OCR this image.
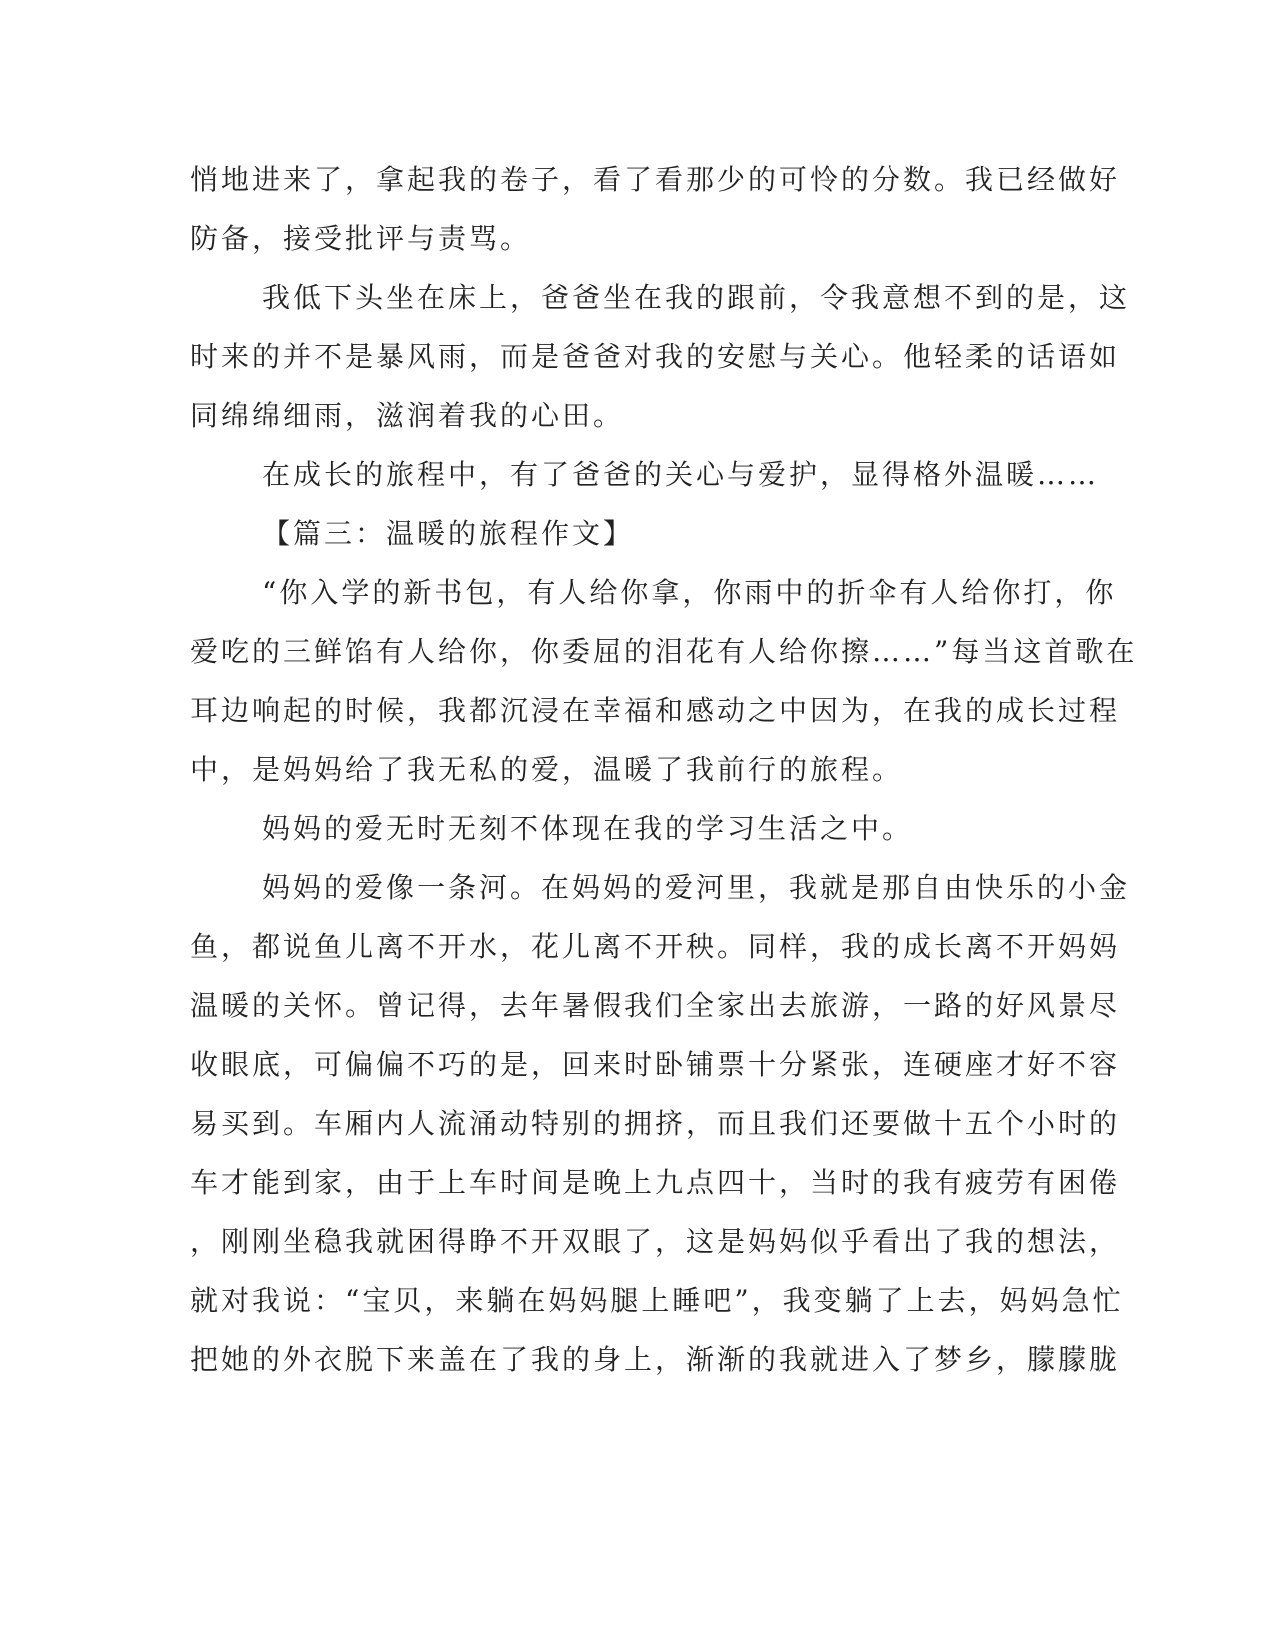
悄地进来了，拿起我的卷子，看了看那少的可怜的分数。我已经做好
防备，接受批评与责骂。
我低下头坐在床上，爸爸坐在我的跟前，令我意想不到的是，这
时来的并不是暴风雨，而是爸爸对我的安慰与关心。他轻柔的话语如
同绵绵细雨，滋润着我的心田。
在成长的旅程中，有了爸爸的关心与爱护，显得格外温暖……
【篇三：温暖的旅程作文】
“你入学的新书包，有人给你拿，你雨中的折伞有人给你打，你
爱吃的三鲜馅有人给你，你委屈的泪花有人给你擦……”每当这首歌在
耳边响起的时候，我都沉浸在幸福和感动之中因为，在我的成长过程
中，是妈妈给了我无私的爱，温暖了我前行的旅程。
妈妈的爱无时无刻不体现在我的学习生活之中。
妈妈的爱像一条河。在妈妈的爱河里，我就是那自由快乐的小金
鱼，都说鱼儿离不开水，花儿离不开秧。同样，我的成长离不开妈妈
温暖的关怀。曾记得，去年暑假我们全家出去旅游，一路的好风景尽
收眼底，可偏偏不巧的是，回来时卧铺票十分紧张，连硬座才好不容
易买到。车厢内人流涌动特别的拥挤，而且我们还要做十五个小时的
车才能到家，由于上车时间是晚上九点四十，当时的我有疲劳有困倦
，刚刚坐稳我就困得睁不开双眼了，这是妈妈似乎看出了我的想法，
就对我说：“宝贝，来躺在妈妈腿上睡吧”，我变躺了上去，妈妈急忙
把她的外衣脱下来盖在了我的身上，渐渐的我就进入了梦乡，朦朦胧
